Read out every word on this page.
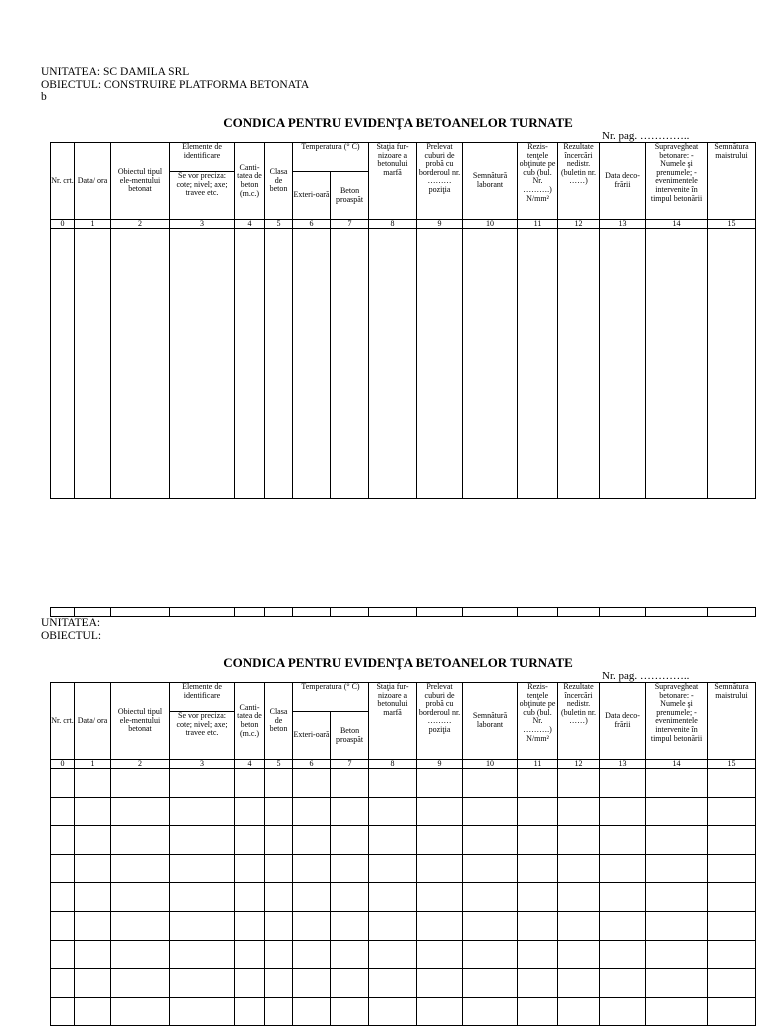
UNITATEA: SC DAMILA SRL
OBIECTUL: CONSTRUIRE PLATFORMA BETONATA
b
CONDICA PENTRU EVIDENŢA BETOANELOR TURNATE
Nr. pag. …………..
Nr. crt.	Data/ ora	Obiectul tipul ele-mentului betonat	Elemente de identificare	Canti-tatea de beton (m.c.)	Clasa de beton	Temperatura (° C)		Staţia fur-nizoare a betonului marfă	Prelevat cuburi de probă cu borderoul nr. ……… poziţia	Semnătură laborant	Rezis-tenţele obţinute pe cub (bul. Nr. ……….) N/mm²	Rezultate încercări nedistr. (buletin nr. ……)	Data deco-frării	Supravegheat betonare: - Numele şi prenumele; - evenimentele intervenite în timpul betonării	Semnătura maistrului
			Se vor preciza: cote; nivel; axe; travee etc.			Exteri-oară	Beton proaspăt								
0	1	2	3	4	5	6	7	8	9	10	11	12	13	14	15

UNITATEA:
OBIECTUL:
CONDICA PENTRU EVIDENŢA BETOANELOR TURNATE
Nr. pag. …………..
Nr. crt.	Data/ ora	Obiectul tipul ele-mentului betonat	Elemente de identificare	Canti-tatea de beton (m.c.)	Clasa de beton	Temperatura (° C)		Staţia fur-nizoare a betonului marfă	Prelevat cuburi de probă cu borderoul nr. ……… poziţia	Semnătură laborant	Rezis-tenţele obţinute pe cub (bul. Nr. ……….) N/mm²	Rezultate încercări nedistr. (buletin nr. ……)	Data deco-frării	Supravegheat betonare: - Numele şi prenumele; - evenimentele intervenite în timpul betonării	Semnătura maistrului
			Se vor preciza: cote; nivel; axe; travee etc.			Exteri-oară	Beton proaspăt								
0	1	2	3	4	5	6	7	8	9	10	11	12	13	14	15
